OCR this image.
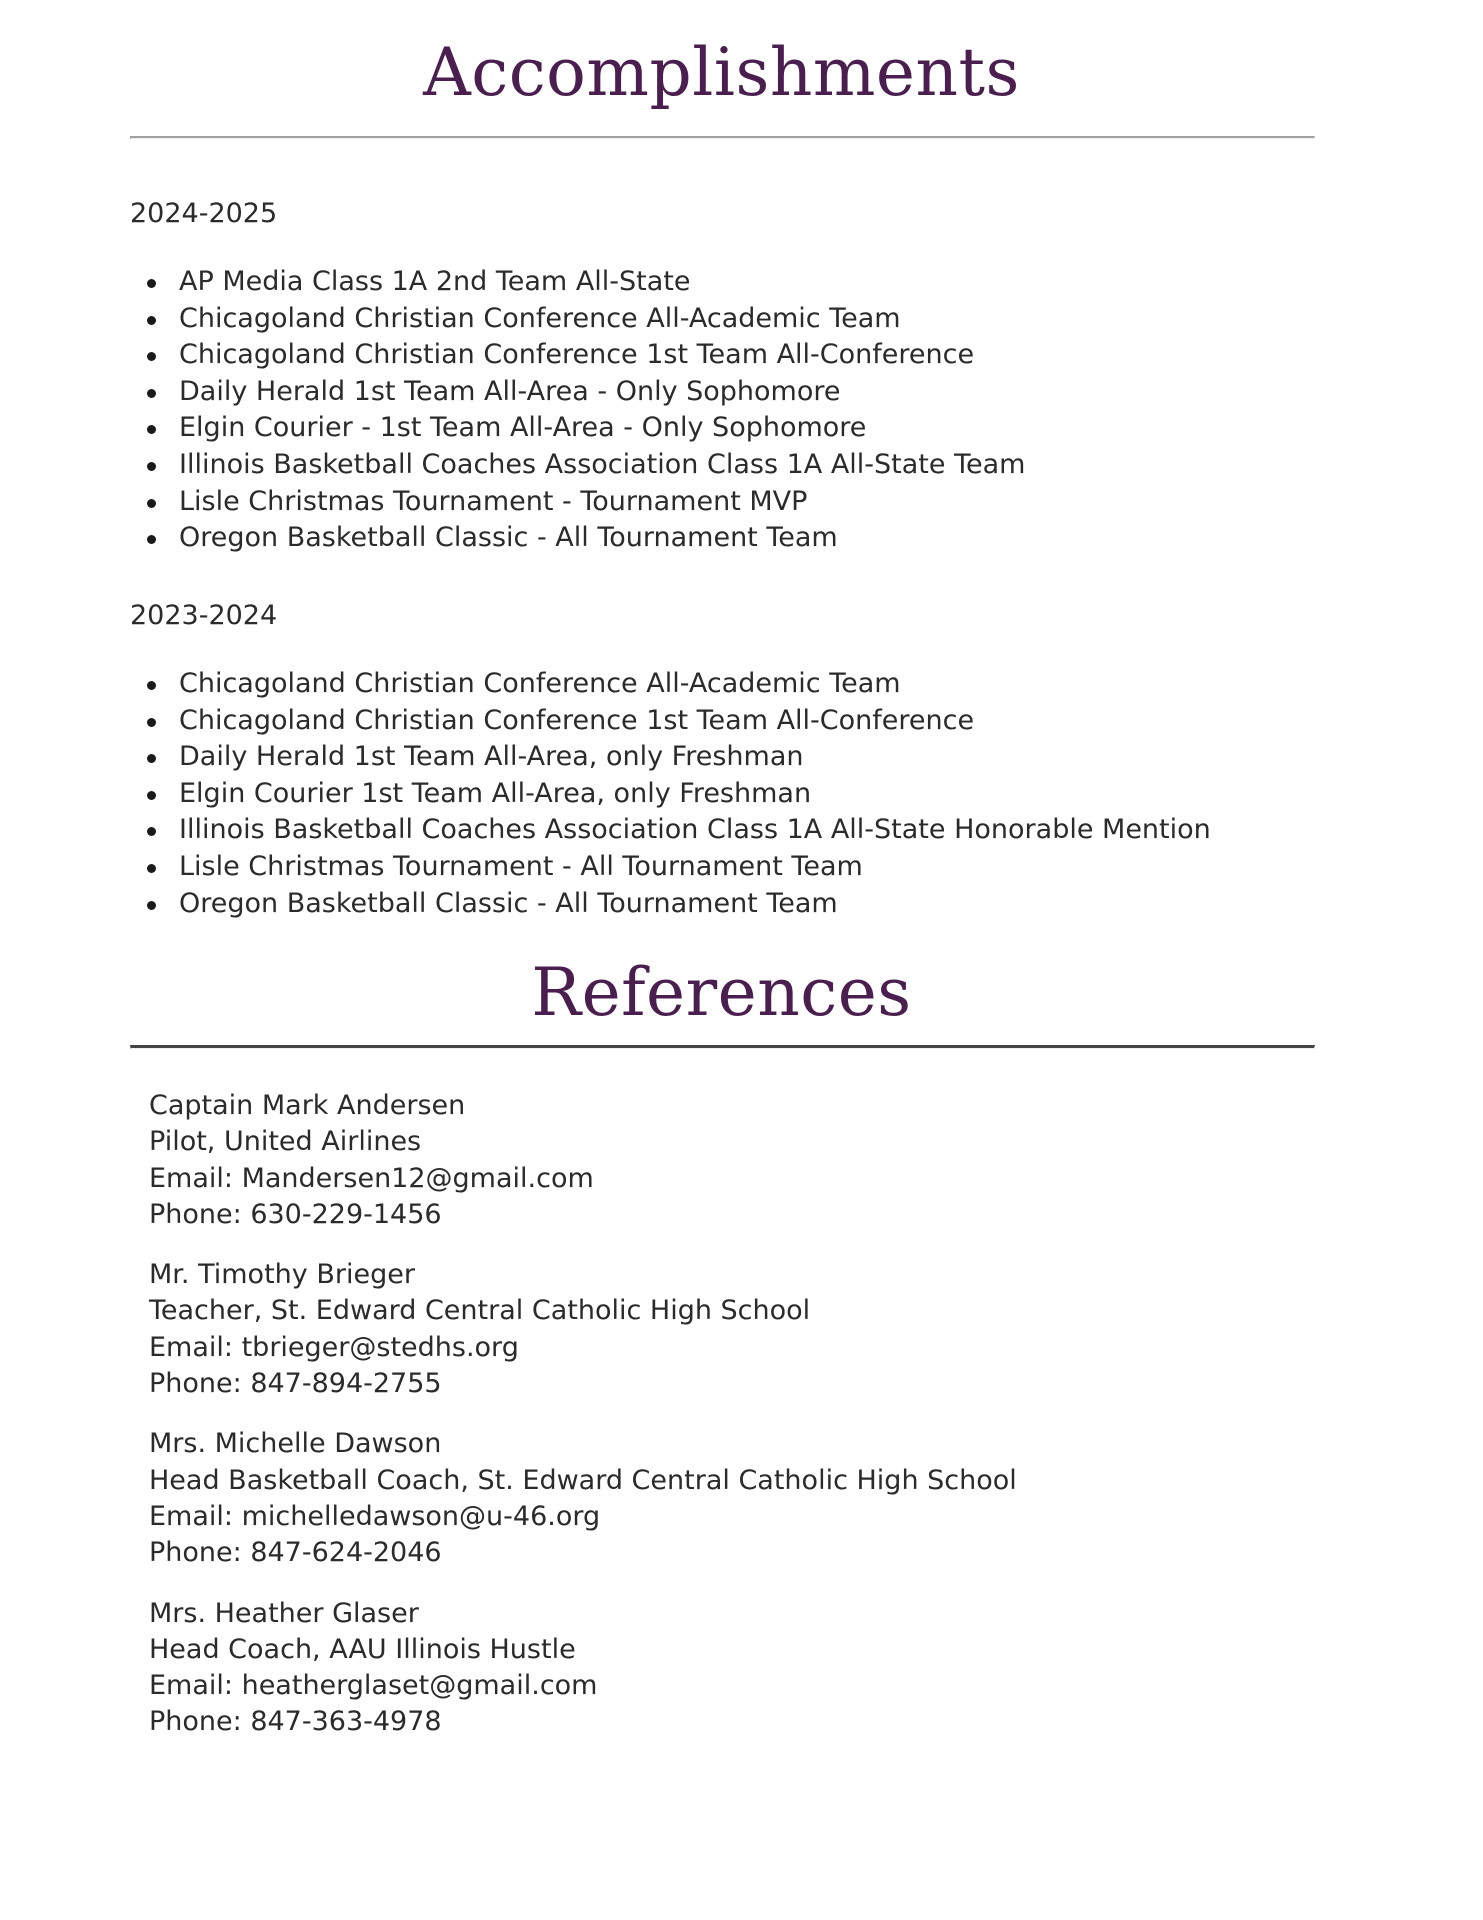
Accomplishments

2024-2025

AP Media Class 1A 2nd Team All-State
Chicagoland Christian Conference All-Academic Team
Chicagoland Christian Conference 1st Team All-Conference
Daily Herald 1st Team All-Area - Only Sophomore
Elgin Courier - 1st Team All-Area - Only Sophomore
Illinois Basketball Coaches Association Class 1A All-State Team
Lisle Christmas Tournament - Tournament MVP
Oregon Basketball Classic - All Tournament Team

2023-2024

Chicagoland Christian Conference All-Academic Team
Chicagoland Christian Conference 1st Team All-Conference
Daily Herald 1st Team All-Area, only Freshman
Elgin Courier 1st Team All-Area, only Freshman
Illinois Basketball Coaches Association Class 1A All-State Honorable Mention
Lisle Christmas Tournament - All Tournament Team
Oregon Basketball Classic - All Tournament Team
References
Captain Mark Andersen
Pilot, United Airlines
Email: Mandersen12@gmail.com
Phone: 630-229-1456
Mr. Timothy Brieger
Teacher, St. Edward Central Catholic High School
Email: tbrieger@stedhs.org
Phone: 847-894-2755
Mrs. Michelle Dawson
Head Basketball Coach, St. Edward Central Catholic High School
Email: michelledawson@u-46.org
Phone: 847-624-2046
Mrs. Heather Glaser
Head Coach, AAU Illinois Hustle
Email: heatherglaset@gmail.com
Phone: 847-363-4978
